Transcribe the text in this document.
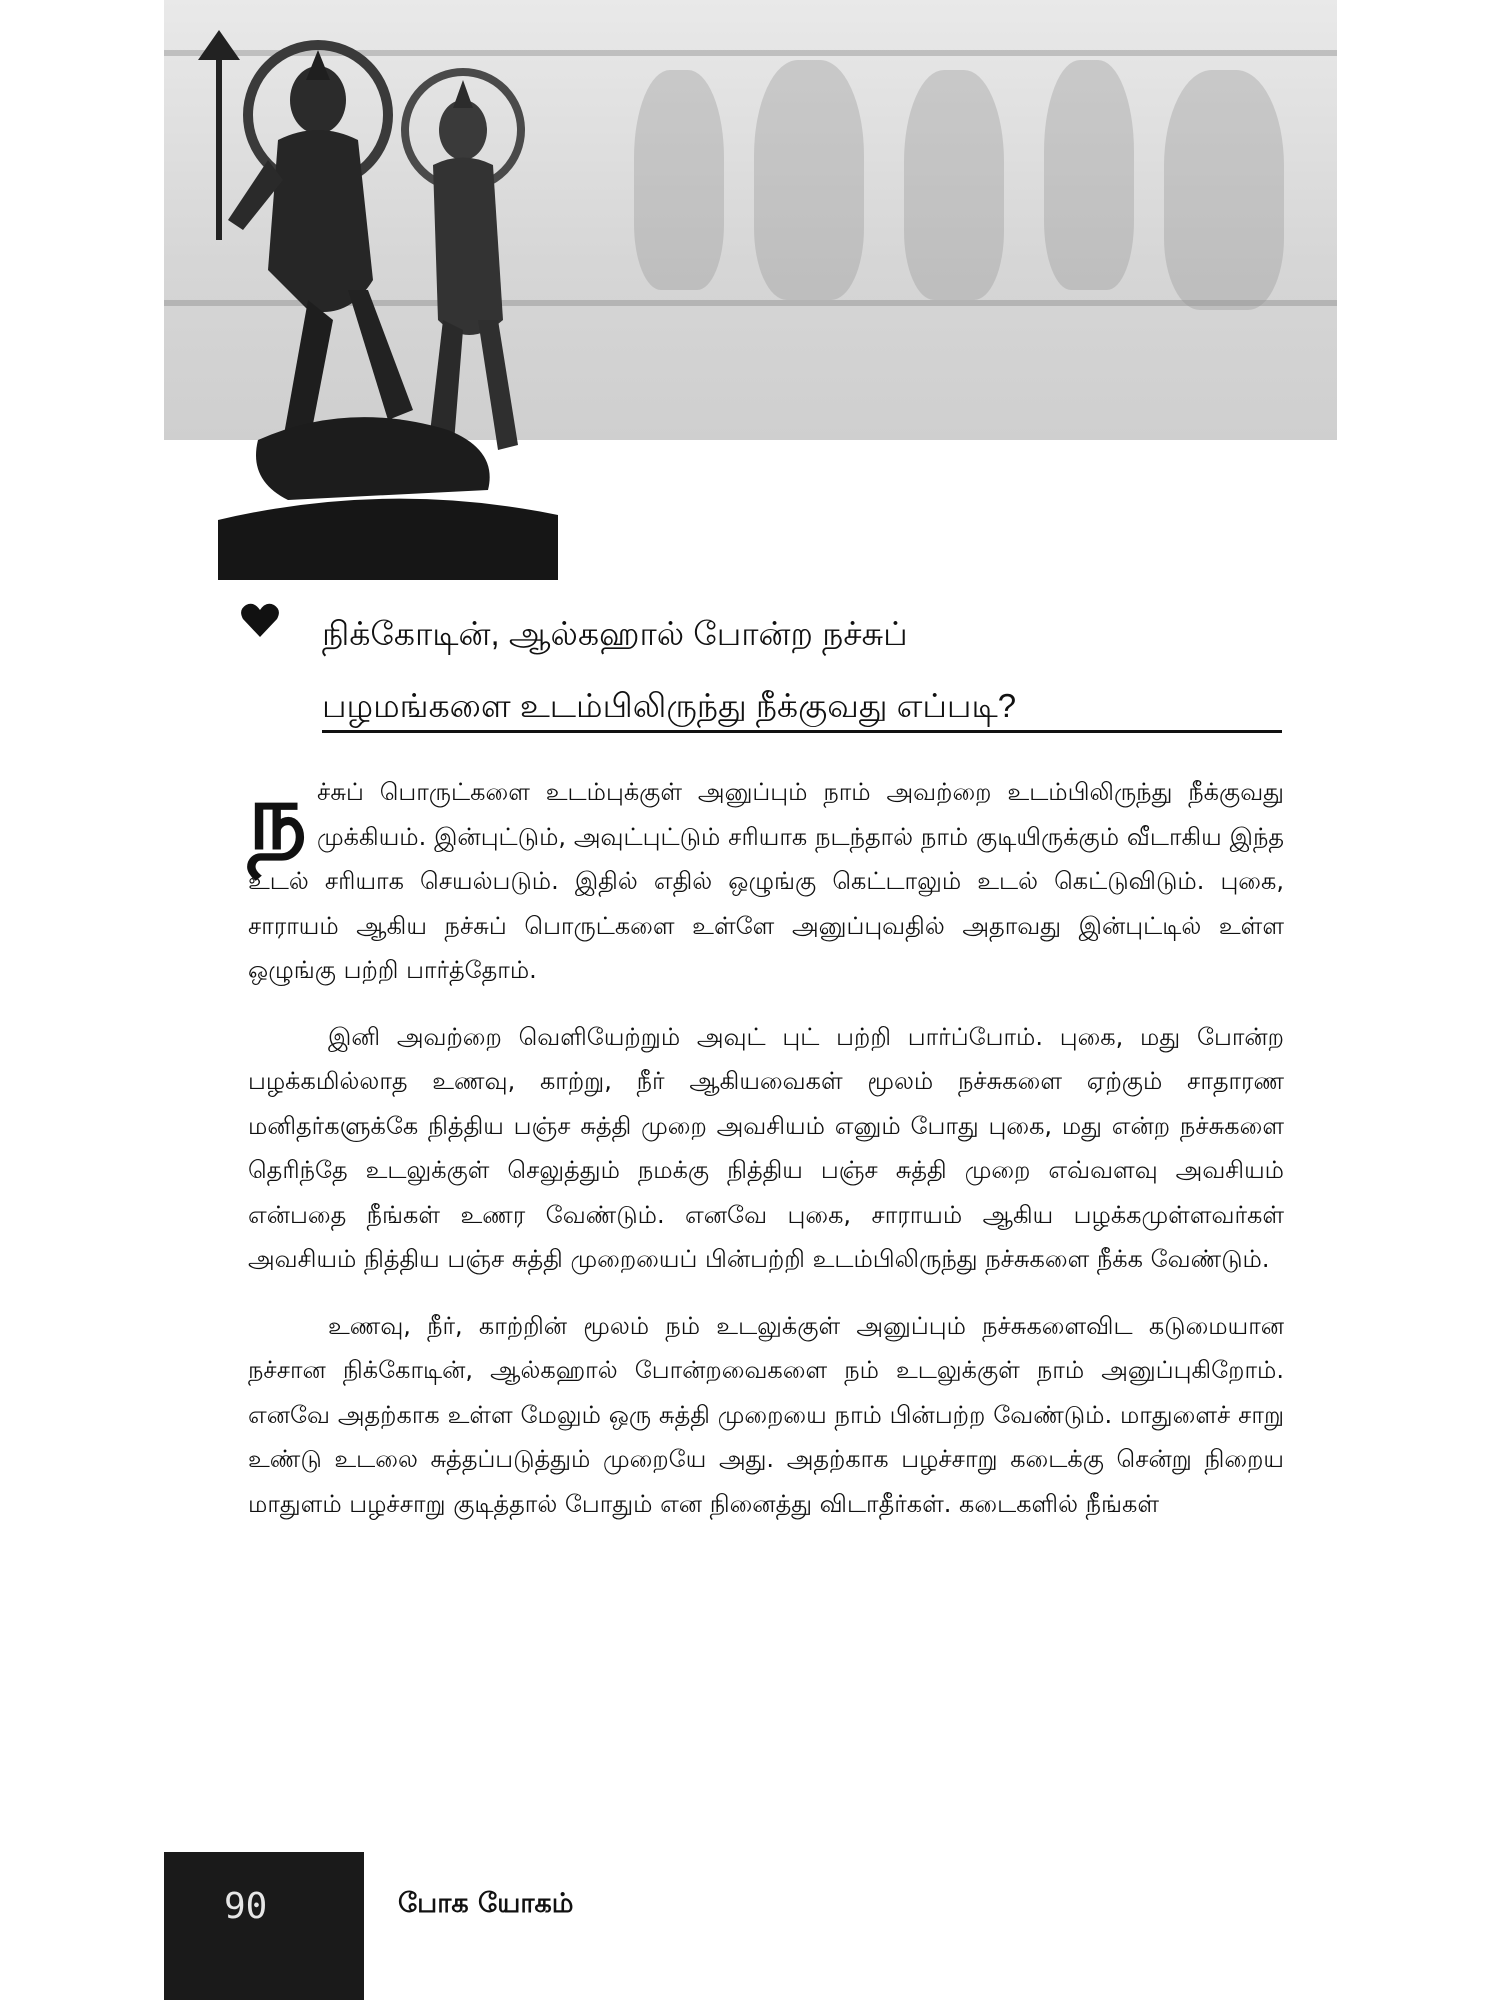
நிக்கோடின், ஆல்கஹால் போன்ற நச்சுப்
பழமங்களை உடம்பிலிருந்து நீக்குவது எப்படி?

நச்சுப் பொருட்களை உடம்புக்குள் அனுப்பும் நாம் அவற்றை உடம்பிலிருந்து நீக்குவது முக்கியம். இன்புட்டும், அவுட்புட்டும் சரியாக நடந்தால் நாம் குடியிருக்கும் வீடாகிய இந்த உடல் சரியாக செயல்படும். இதில் எதில் ஒழுங்கு கெட்டாலும் உடல் கெட்டுவிடும். புகை, சாராயம் ஆகிய நச்சுப் பொருட்களை உள்ளே அனுப்புவதில் அதாவது இன்புட்டில் உள்ள ஒழுங்கு பற்றி பார்த்தோம்.

இனி அவற்றை வெளியேற்றும் அவுட் புட் பற்றி பார்ப்போம். புகை, மது போன்ற பழக்கமில்லாத உணவு, காற்று, நீர் ஆகியவைகள் மூலம் நச்சுகளை ஏற்கும் சாதாரண மனிதர்களுக்கே நித்திய பஞ்ச சுத்தி முறை அவசியம் எனும் போது புகை, மது என்ற நச்சுகளை தெரிந்தே உடலுக்குள் செலுத்தும் நமக்கு நித்திய பஞ்ச சுத்தி முறை எவ்வளவு அவசியம் என்பதை நீங்கள் உணர வேண்டும். எனவே புகை, சாராயம் ஆகிய பழக்கமுள்ளவர்கள் அவசியம் நித்திய பஞ்ச சுத்தி முறையைப் பின்பற்றி உடம்பிலிருந்து நச்சுகளை நீக்க வேண்டும்.

உணவு, நீர், காற்றின் மூலம் நம் உடலுக்குள் அனுப்பும் நச்சுகளைவிட கடுமையான நச்சான நிக்கோடின், ஆல்கஹால் போன்றவைகளை நம் உடலுக்குள் நாம் அனுப்புகிறோம். எனவே அதற்காக உள்ள மேலும் ஒரு சுத்தி முறையை நாம் பின்பற்ற வேண்டும். மாதுளைச் சாறு உண்டு உடலை சுத்தப்படுத்தும் முறையே அது. அதற்காக பழச்சாறு கடைக்கு சென்று நிறைய மாதுளம் பழச்சாறு குடித்தால் போதும் என நினைத்து விடாதீர்கள். கடைகளில் நீங்கள்

90	போக யோகம்
